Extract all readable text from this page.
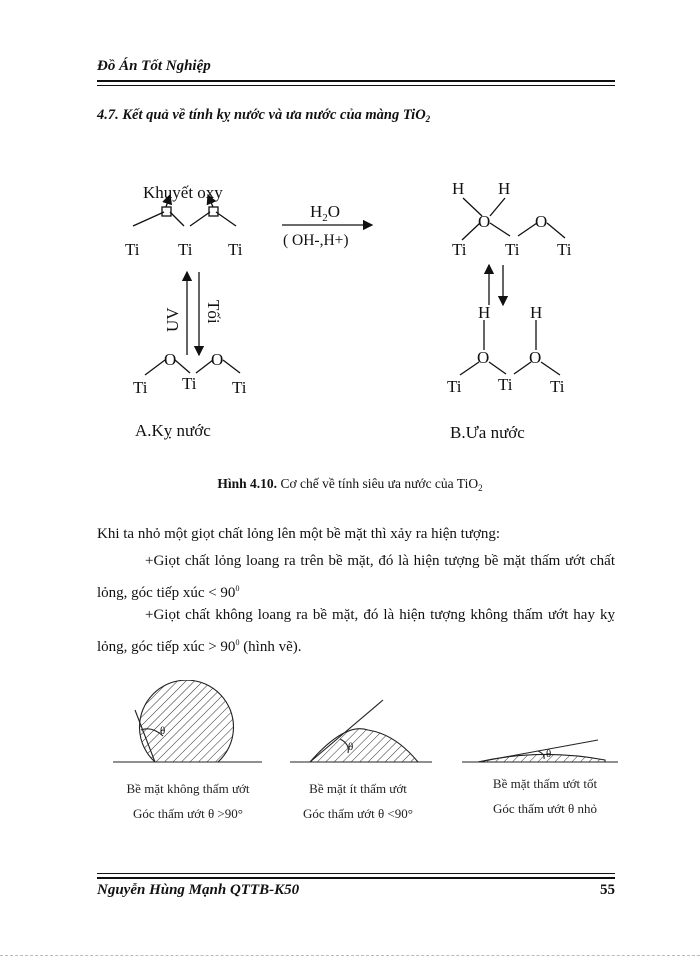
Đồ Án Tốt Nghiệp
4.7. Kết quả về tính kỵ nước và ưa nước của màng TiO$_2$
Khuyết oxy
Ti Ti Ti
$H_2O$
( OH-,H+)
UV Tối
O O
Ti Ti Ti
A.Kỵ nước
H H
O	O
Ti Ti Ti
H H
O O
Ti Ti Ti
B.Ưa nước
Hình 4.10. Cơ chế về tính siêu ưa nước của TiO$_2$
Khi ta nhỏ một giọt chất lỏng lên một bề mặt thì xảy ra hiện tượng:
+Giọt chất lỏng loang ra trên bề mặt, đó là hiện tượng bề mặt thấm ướt chất lỏng, góc tiếp xúc < $90^0$
+Giọt chất không loang ra bề mặt, đó là hiện tượng không thấm ướt hay kỵ lỏng, góc tiếp xúc > $90^0$ (hình vẽ).
θ
θ
θ
Bề mặt không thấm ướt
Góc thấm ướt θ >90°
Bề mặt ít thấm ướt
Góc thấm ướt θ <90°
Bề mặt thấm ướt tốt
Góc thấm ướt θ nhỏ
Nguyễn Hùng Mạnh QTTB-K50	55
